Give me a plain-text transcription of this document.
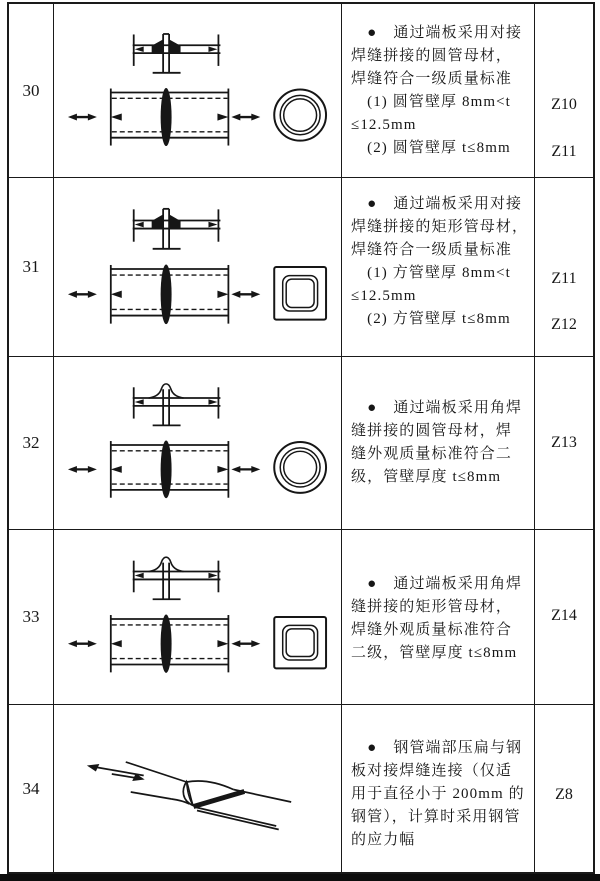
30
　●　通过端板采用对接
焊缝拼接的圆管母材，
焊缝符合一级质量标准
　(1) 圆管壁厚 8mm<t
≤12.5mm
　(2) 圆管壁厚 t≤8mm
Z10
Z11
31
　●　通过端板采用对接
焊缝拼接的矩形管母材，
焊缝符合一级质量标准
　(1) 方管壁厚 8mm<t
≤12.5mm
　(2) 方管壁厚 t≤8mm
Z11
Z12
32
　●　通过端板采用角焊
缝拼接的圆管母材，焊
缝外观质量标准符合二
级，管壁厚度 t≤8mm
Z13
33
　●　通过端板采用角焊
缝拼接的矩形管母材，
焊缝外观质量标准符合
二级，管壁厚度 t≤8mm
Z14
34
　●　钢管端部压扁与钢
板对接焊缝连接（仅适
用于直径小于 200mm 的
钢管），计算时采用钢管
的应力幅
Z8
